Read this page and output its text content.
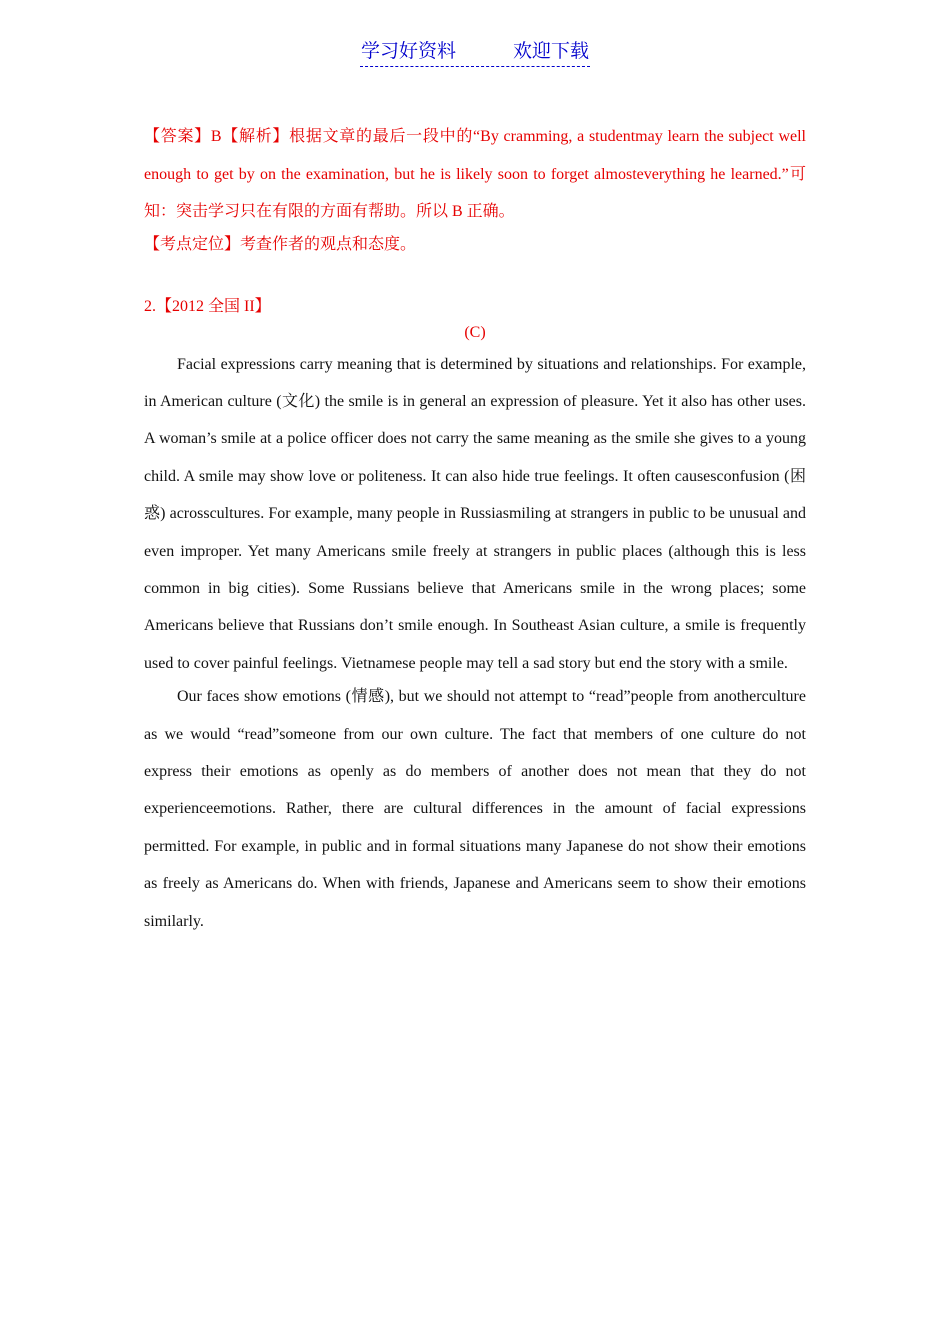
学习好资料	欢迎下载

【答案】B【解析】根据文章的最后一段中的“By cramming, a studentmay learn the subject well enough to get by on the examination, but he is likely soon to forget almosteverything he learned.”可知：突击学习只在有限的方面有帮助。所以 B 正确。

【考点定位】考查作者的观点和态度。

2.【2012 全国 II】

(C)

Facial expressions carry meaning that is determined by situations and relationships. For example, in American culture (文化) the smile is in general an expression of pleasure. Yet it also has other uses. A woman’s smile at a police officer does not carry the same meaning as the smile she gives to a young child. A smile may show love or politeness. It can also hide true feelings. It often causesconfusion (困惑) acrosscultures. For example, many people in Russiasmiling at strangers in public to be unusual and even improper. Yet many Americans smile freely at strangers in public places (although this is less common in big cities). Some Russians believe that Americans smile in the wrong places; some Americans believe that Russians don’t smile enough. In Southeast Asian culture, a smile is frequently used to cover painful feelings. Vietnamese people may tell a sad story but end the story with a smile.

Our faces show emotions (情感), but we should not attempt to “read”people from anotherculture as we would “read”someone from our own culture. The fact that members of one culture do not express their emotions as openly as do members of another does not mean that they do not experienceemotions. Rather, there are cultural differences in the amount of facial expressions permitted. For example, in public and in formal situations many Japanese do not show their emotions as freely as Americans do. When with friends, Japanese and Americans seem to show their emotions similarly.
